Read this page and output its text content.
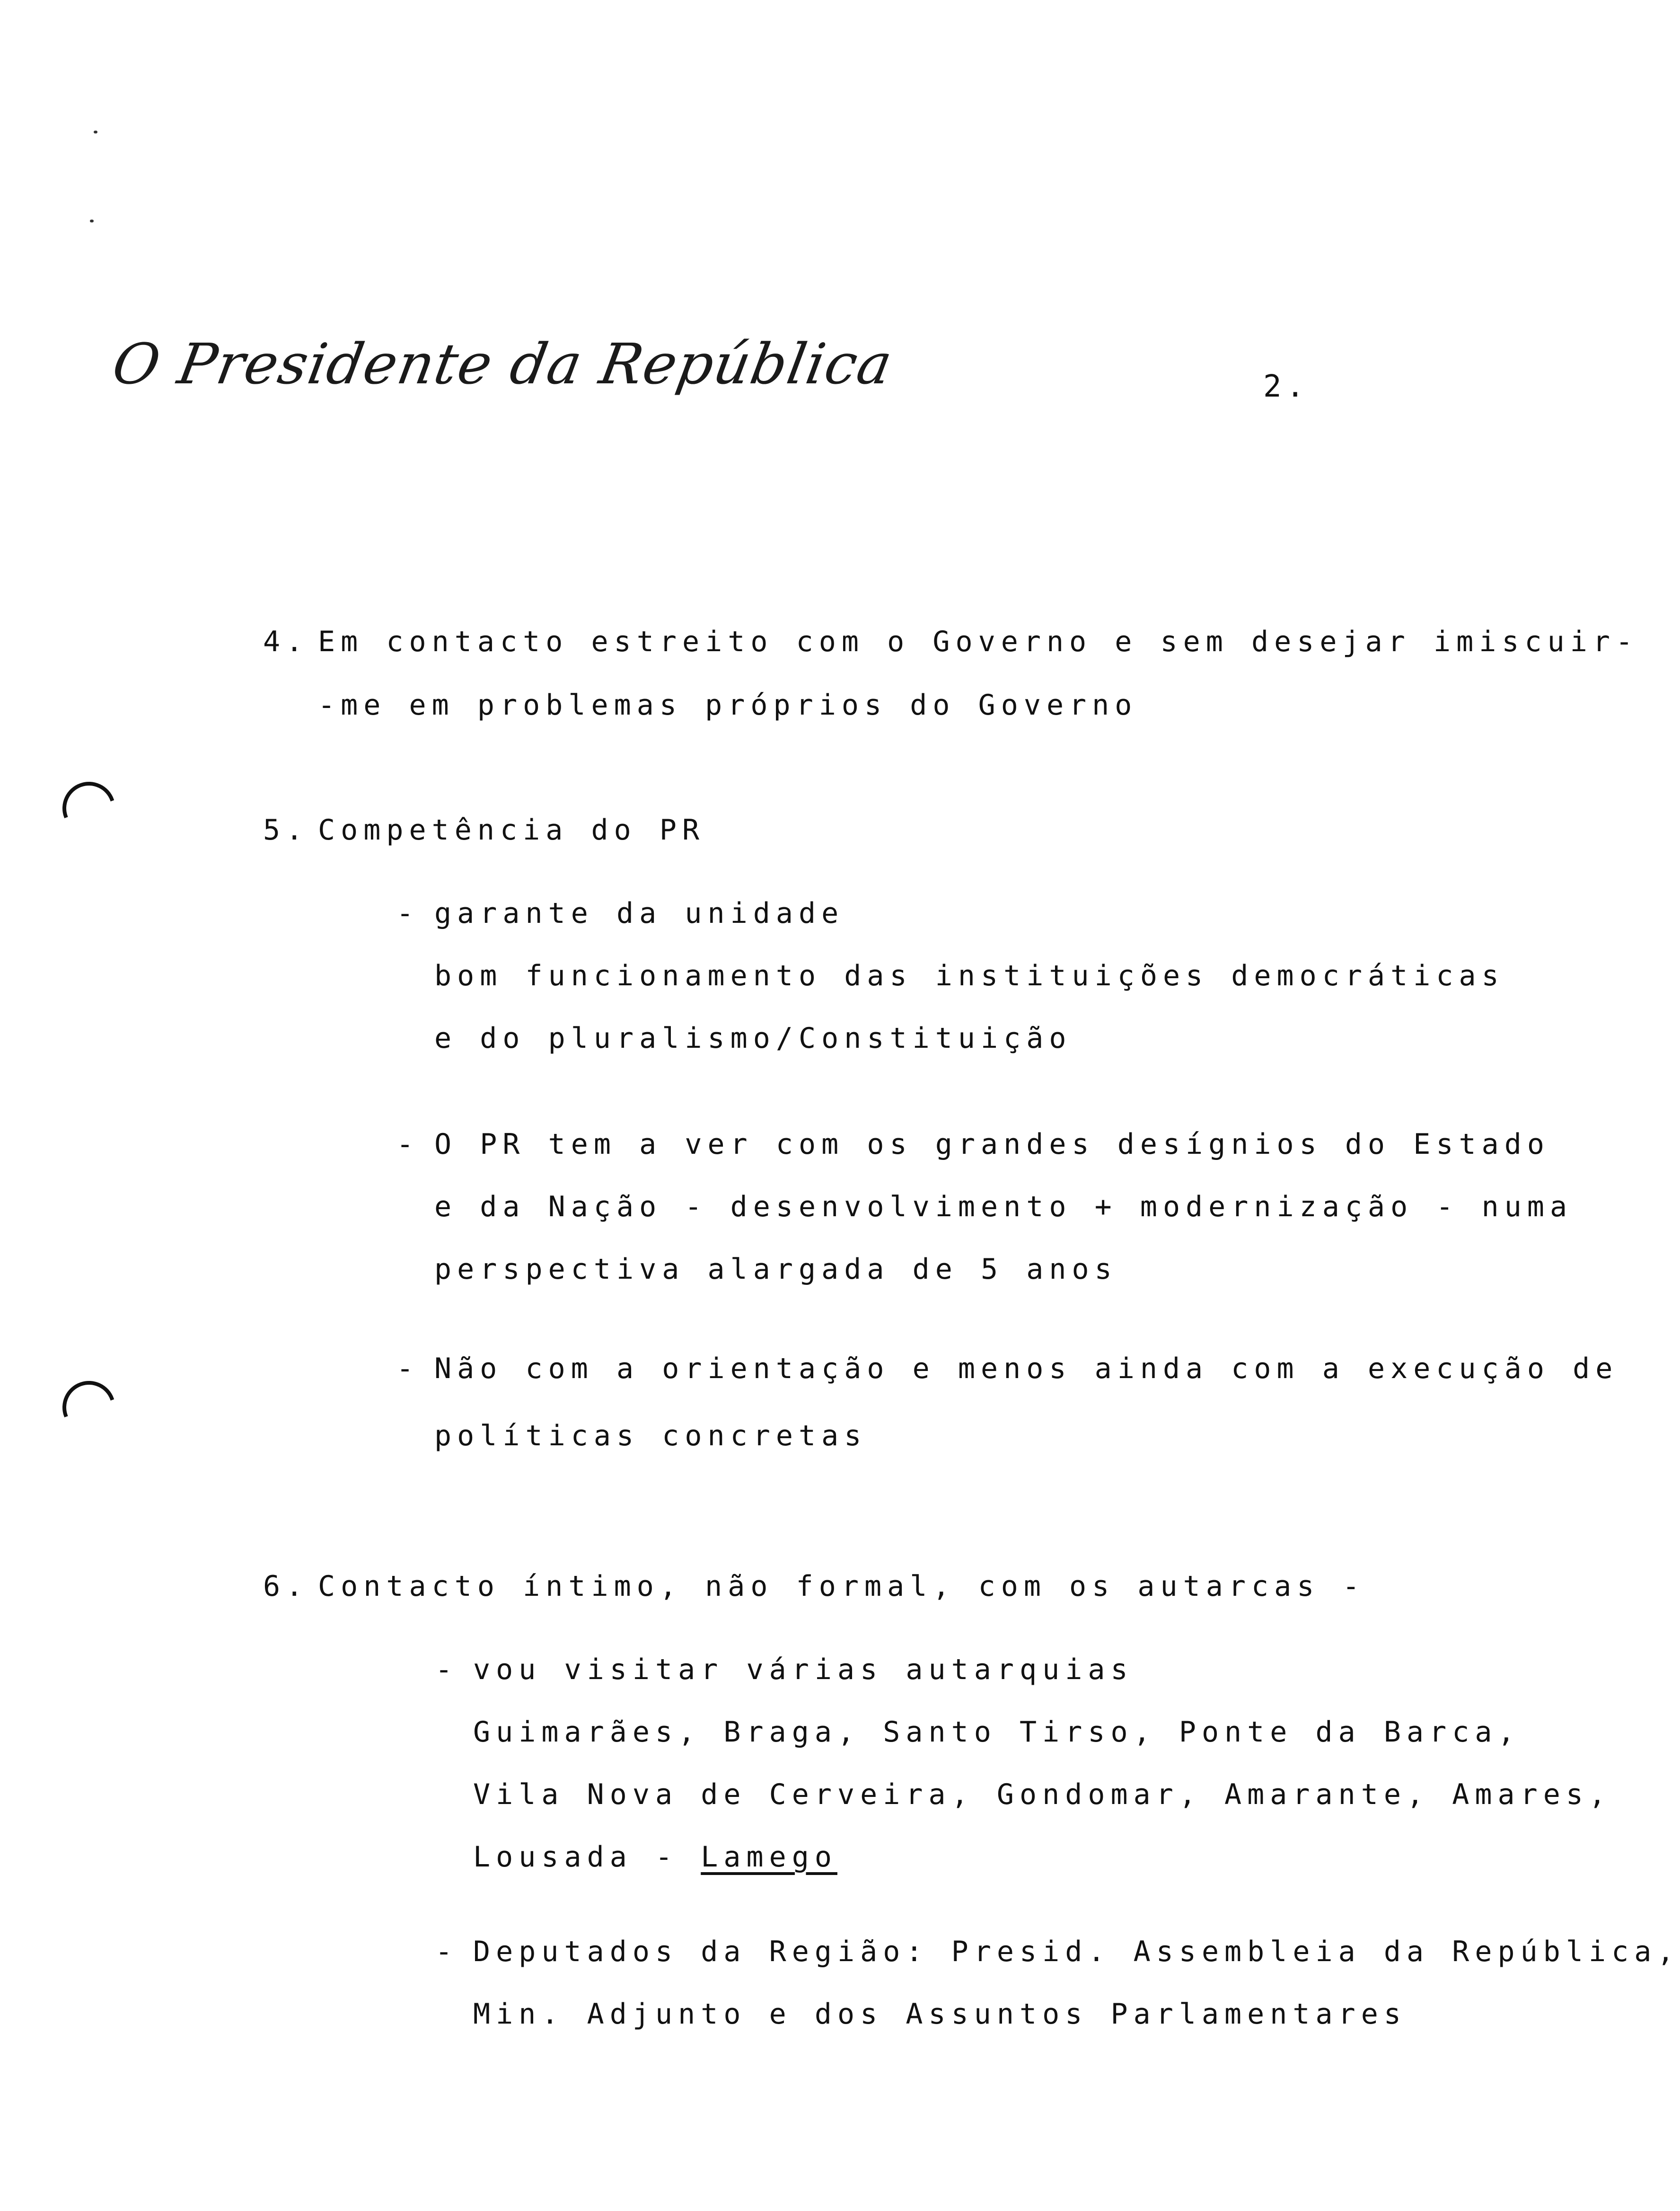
O Presidente da República	2.
4. Em contacto estreito com o Governo e sem desejar imiscuir-
-me em problemas próprios do Governo
5. Competência do PR
- garante da unidade
bom funcionamento das instituições democráticas
e do pluralismo/Constituição
- O PR tem a ver com os grandes desígnios do Estado
e da Nação - desenvolvimento + modernização - numa
perspectiva alargada de 5 anos
- Não com a orientação e menos ainda com a execução de
políticas concretas
6. Contacto íntimo, não formal, com os autarcas -
- vou visitar várias autarquias
Guimarães, Braga, Santo Tirso, Ponte da Barca,
Vila Nova de Cerveira, Gondomar, Amarante, Amares,
Lousada - Lamego
- Deputados da Região: Presid. Assembleia da República,
Min. Adjunto e dos Assuntos Parlamentares
